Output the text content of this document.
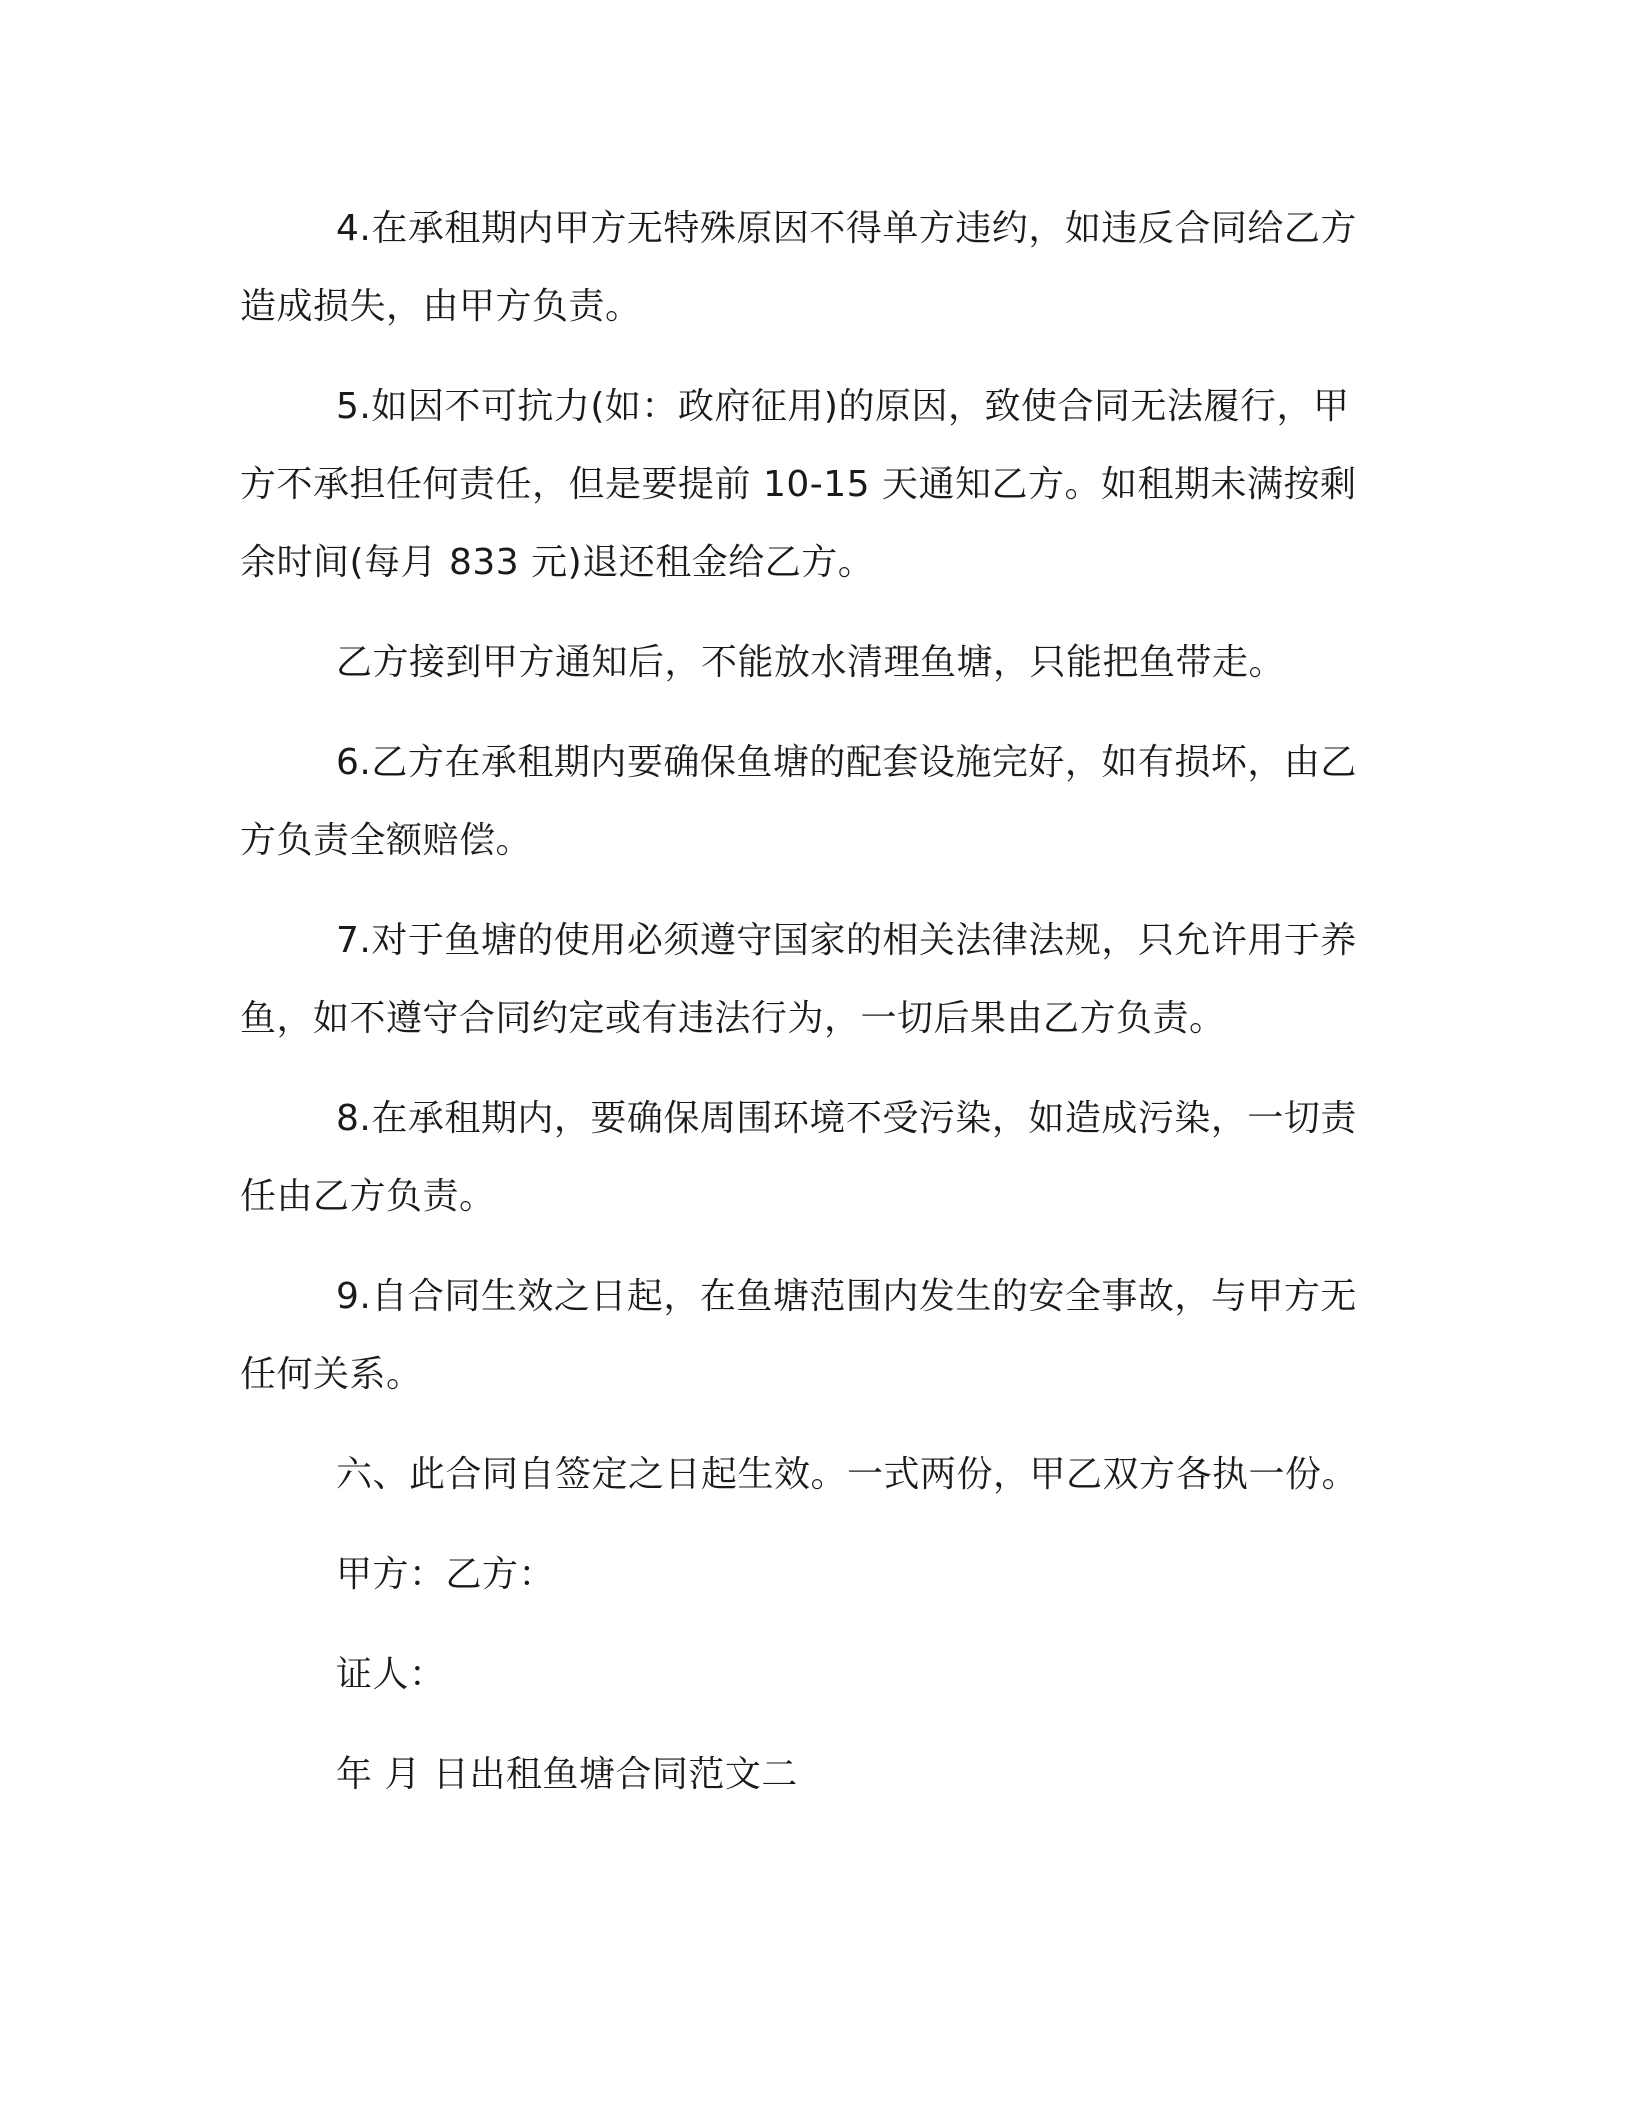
4.在承租期内甲方无特殊原因不得单方违约，如违反合同给乙方造成损失，由甲方负责。

5.如因不可抗力(如：政府征用)的原因，致使合同无法履行，甲方不承担任何责任，但是要提前 10-15 天通知乙方。如租期未满按剩余时间(每月 833 元)退还租金给乙方。

乙方接到甲方通知后，不能放水清理鱼塘，只能把鱼带走。

6.乙方在承租期内要确保鱼塘的配套设施完好，如有损坏，由乙方负责全额赔偿。

7.对于鱼塘的使用必须遵守国家的相关法律法规，只允许用于养鱼，如不遵守合同约定或有违法行为，一切后果由乙方负责。

8.在承租期内，要确保周围环境不受污染，如造成污染，一切责任由乙方负责。

9.自合同生效之日起，在鱼塘范围内发生的安全事故，与甲方无任何关系。

六、此合同自签定之日起生效。一式两份，甲乙双方各执一份。

甲方：乙方：

证人：

年 月 日出租鱼塘合同范文二
